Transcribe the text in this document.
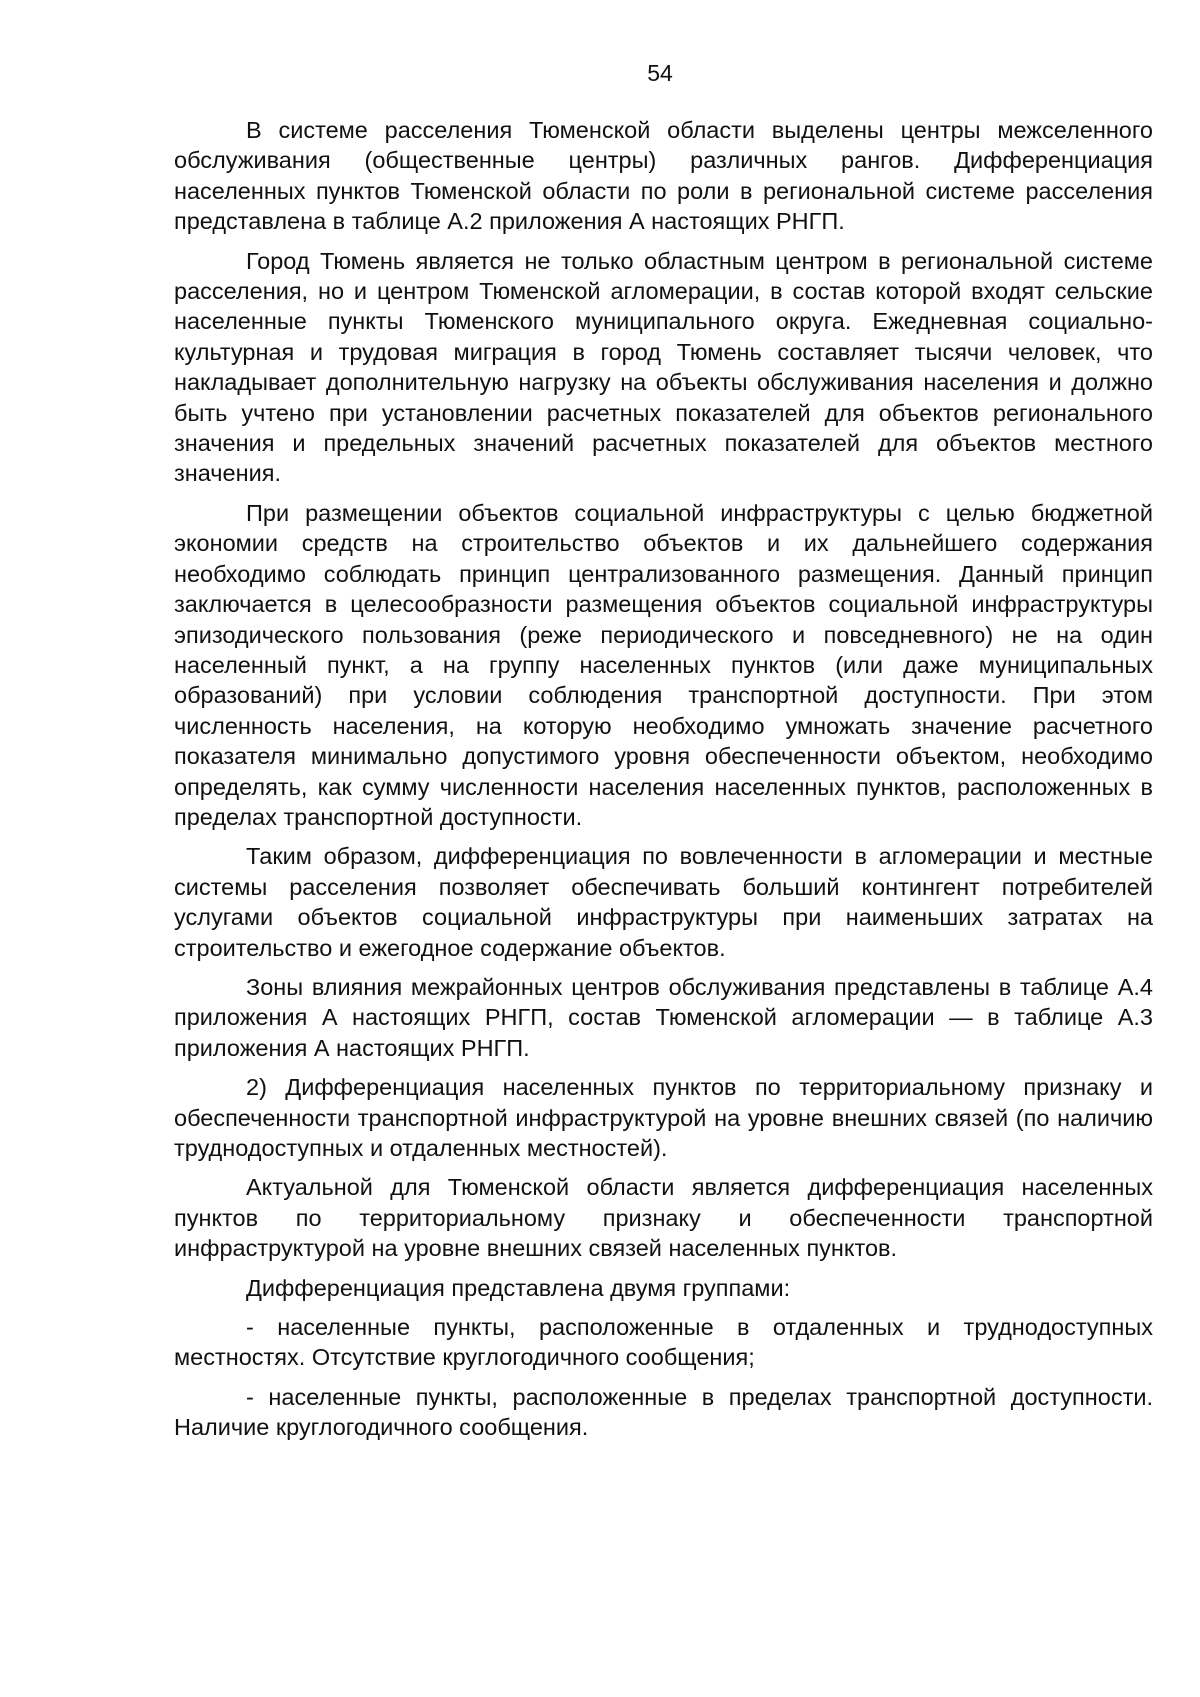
54

В системе расселения Тюменской области выделены центры межселенного обслуживания (общественные центры) различных рангов. Дифференциация населенных пунктов Тюменской области по роли в региональной системе расселения представлена в таблице А.2 приложения А настоящих РНГП.

Город Тюмень является не только областным центром в региональной системе расселения, но и центром Тюменской агломерации, в состав которой входят сельские населенные пункты Тюменского муниципального округа. Ежедневная социально-культурная и трудовая миграция в город Тюмень составляет тысячи человек, что накладывает дополнительную нагрузку на объекты обслуживания населения и должно быть учтено при установлении расчетных показателей для объектов регионального значения и предельных значений расчетных показателей для объектов местного значения.

При размещении объектов социальной инфраструктуры с целью бюджетной экономии средств на строительство объектов и их дальнейшего содержания необходимо соблюдать принцип централизованного размещения. Данный принцип заключается в целесообразности размещения объектов социальной инфраструктуры эпизодического пользования (реже периодического и повседневного) не на один населенный пункт, а на группу населенных пунктов (или даже муниципальных образований) при условии соблюдения транспортной доступности. При этом численность населения, на которую необходимо умножать значение расчетного показателя минимально допустимого уровня обеспеченности объектом, необходимо определять, как сумму численности населения населенных пунктов, расположенных в пределах транспортной доступности.

Таким образом, дифференциация по вовлеченности в агломерации и местные системы расселения позволяет обеспечивать больший контингент потребителей услугами объектов социальной инфраструктуры при наименьших затратах на строительство и ежегодное содержание объектов.

Зоны влияния межрайонных центров обслуживания представлены в таблице А.4 приложения А настоящих РНГП, состав Тюменской агломерации — в таблице А.3 приложения А настоящих РНГП.

2) Дифференциация населенных пунктов по территориальному признаку и обеспеченности транспортной инфраструктурой на уровне внешних связей (по наличию труднодоступных и отдаленных местностей).

Актуальной для Тюменской области является дифференциация населенных пунктов по территориальному признаку и обеспеченности транспортной инфраструктурой на уровне внешних связей населенных пунктов.

Дифференциация представлена двумя группами:

- населенные пункты, расположенные в отдаленных и труднодоступных местностях. Отсутствие круглогодичного сообщения;

- населенные пункты, расположенные в пределах транспортной доступности. Наличие круглогодичного сообщения.
